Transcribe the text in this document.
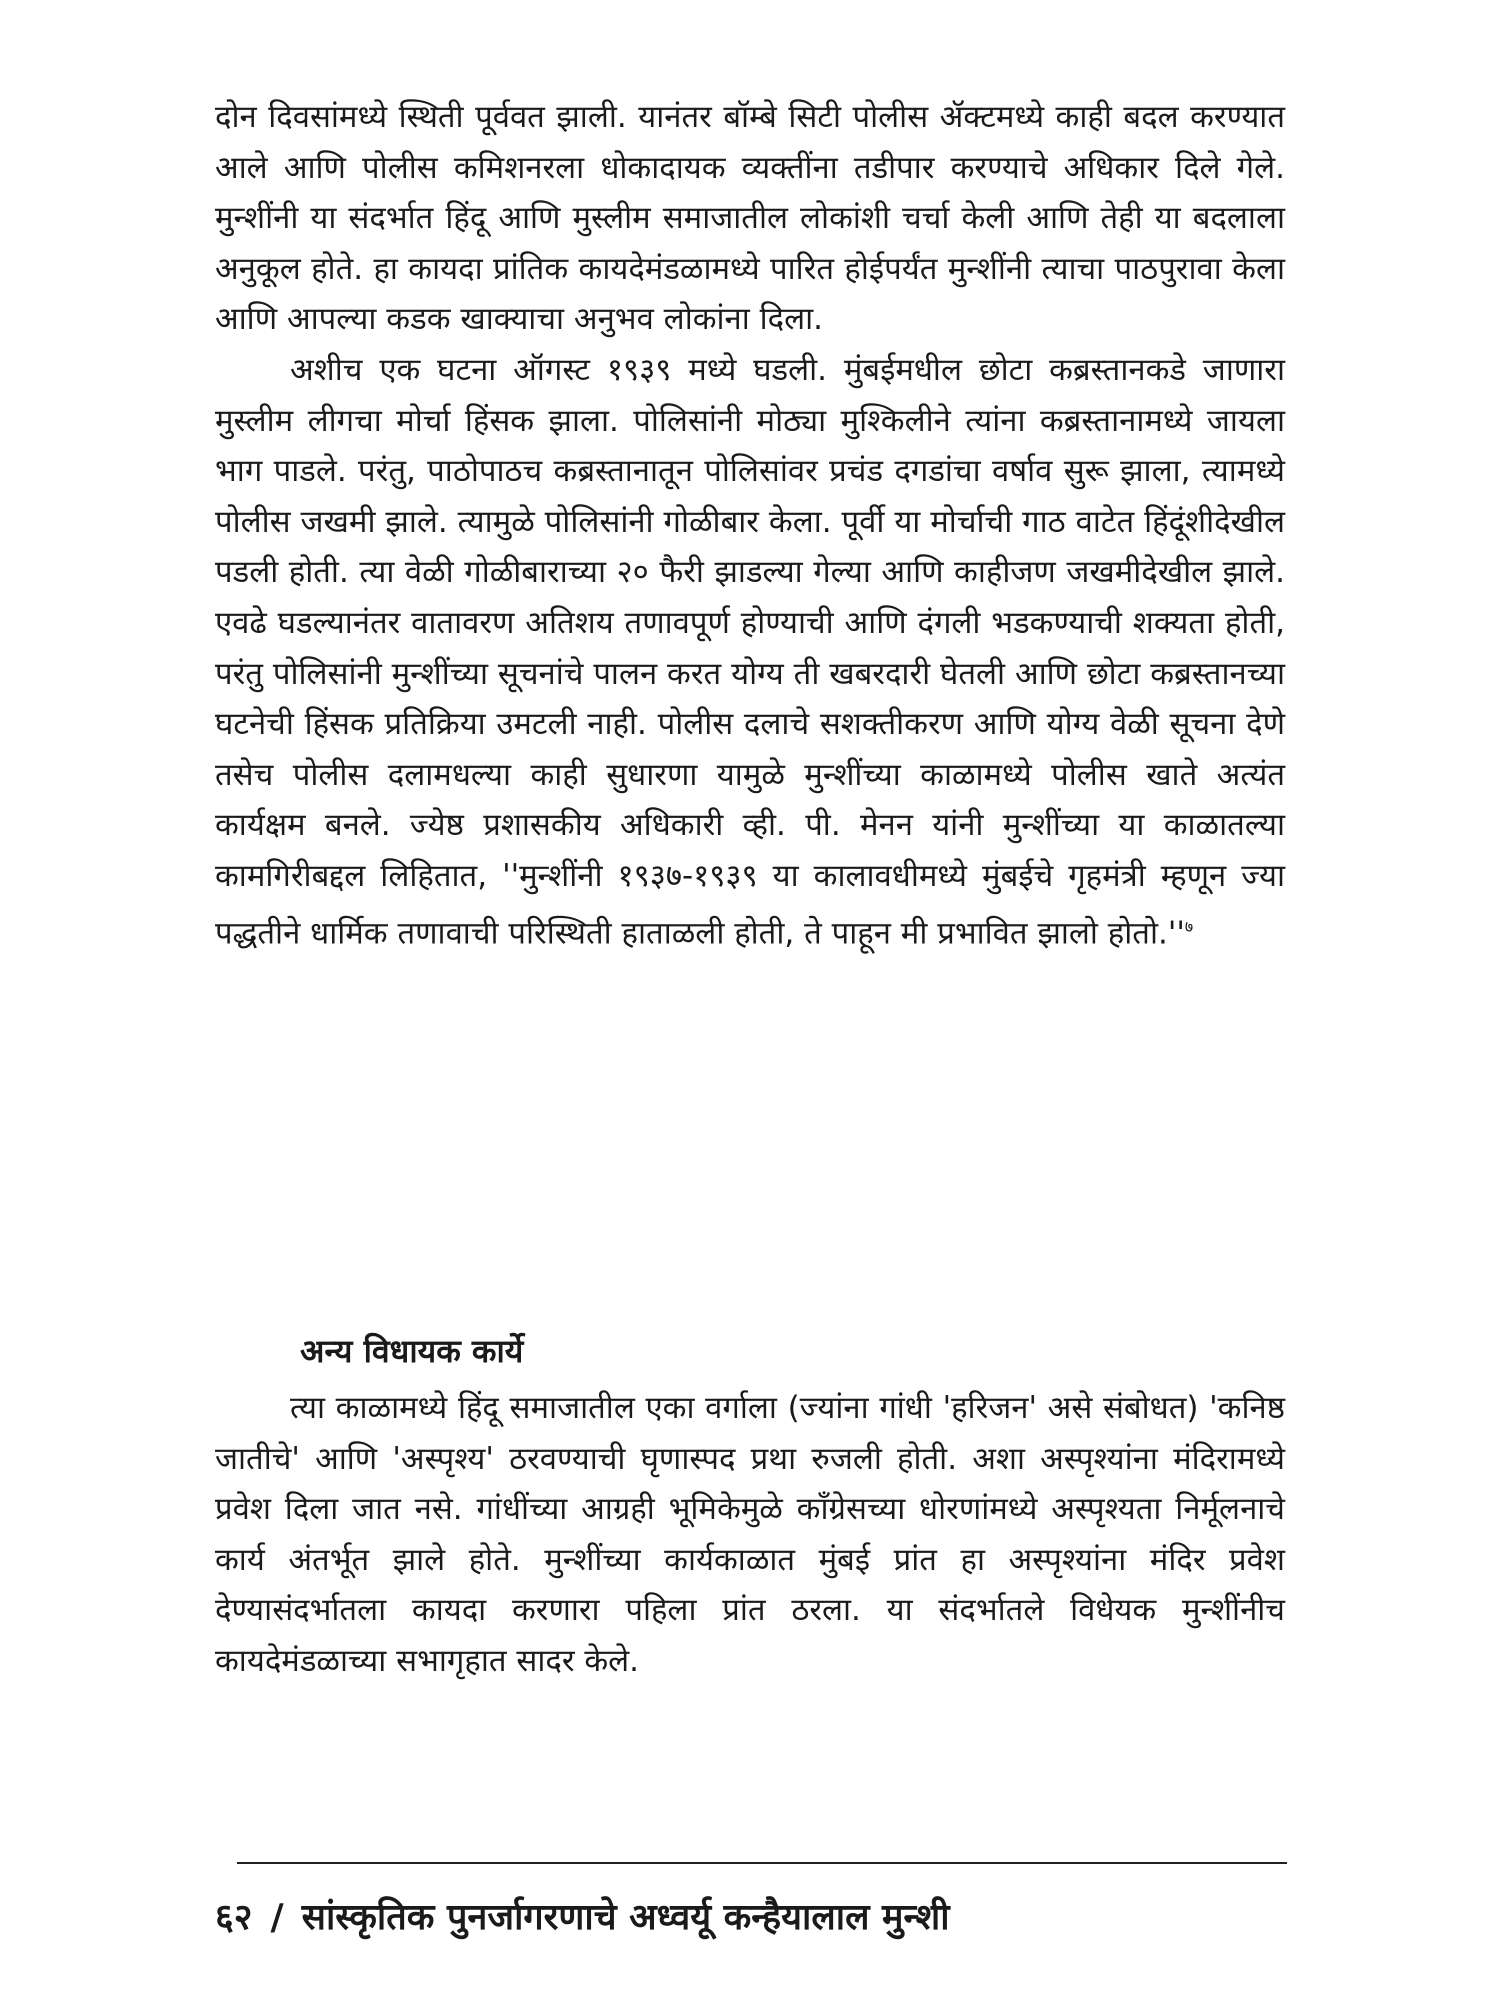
दोन दिवसांमध्ये स्थिती पूर्ववत झाली. यानंतर बॉम्बे सिटी पोलीस ॲक्टमध्ये काही बदल करण्यात आले आणि पोलीस कमिशनरला धोकादायक व्यक्तींना तडीपार करण्याचे अधिकार दिले गेले. मुन्शींनी या संदर्भात हिंदू आणि मुस्लीम समाजातील लोकांशी चर्चा केली आणि तेही या बदलाला अनुकूल होते. हा कायदा प्रांतिक कायदेमंडळामध्ये पारित होईपर्यंत मुन्शींनी त्याचा पाठपुरावा केला आणि आपल्या कडक खाक्याचा अनुभव लोकांना दिला.

अशीच एक घटना ऑगस्ट १९३९ मध्ये घडली. मुंबईमधील छोटा कब्रस्तानकडे जाणारा मुस्लीम लीगचा मोर्चा हिंसक झाला. पोलिसांनी मोठ्या मुश्किलीने त्यांना कब्रस्तानामध्ये जायला भाग पाडले. परंतु, पाठोपाठच कब्रस्तानातून पोलिसांवर प्रचंड दगडांचा वर्षाव सुरू झाला, त्यामध्ये पोलीस जखमी झाले. त्यामुळे पोलिसांनी गोळीबार केला. पूर्वी या मोर्चाची गाठ वाटेत हिंदूंशीदेखील पडली होती. त्या वेळी गोळीबाराच्या २० फैरी झाडल्या गेल्या आणि काहीजण जखमीदेखील झाले. एवढे घडल्यानंतर वातावरण अतिशय तणावपूर्ण होण्याची आणि दंगली भडकण्याची शक्यता होती, परंतु पोलिसांनी मुन्शींच्या सूचनांचे पालन करत योग्य ती खबरदारी घेतली आणि छोटा कब्रस्तानच्या घटनेची हिंसक प्रतिक्रिया उमटली नाही. पोलीस दलाचे सशक्तीकरण आणि योग्य वेळी सूचना देणे तसेच पोलीस दलामधल्या काही सुधारणा यामुळे मुन्शींच्या काळामध्ये पोलीस खाते अत्यंत कार्यक्षम बनले. ज्येष्ठ प्रशासकीय अधिकारी व्ही. पी. मेनन यांनी मुन्शींच्या या काळातल्या कामगिरीबद्दल लिहितात, ''मुन्शींनी १९३७-१९३९ या कालावधीमध्ये मुंबईचे गृहमंत्री म्हणून ज्या पद्धतीने धार्मिक तणावाची परिस्थिती हाताळली होती, ते पाहून मी प्रभावित झालो $होतो.''^७$

अन्य विधायक कार्ये

त्या काळामध्ये हिंदू समाजातील एका वर्गाला (ज्यांना गांधी 'हरिजन' असे संबोधत) 'कनिष्ठ जातीचे' आणि 'अस्पृश्य' ठरवण्याची घृणास्पद प्रथा रुजली होती. अशा अस्पृश्यांना मंदिरामध्ये प्रवेश दिला जात नसे. गांधींच्या आग्रही भूमिकेमुळे काँग्रेसच्या धोरणांमध्ये अस्पृश्यता निर्मूलनाचे कार्य अंतर्भूत झाले होते. मुन्शींच्या कार्यकाळात मुंबई प्रांत हा अस्पृश्यांना मंदिर प्रवेश देण्यासंदर्भातला कायदा करणारा पहिला प्रांत ठरला. या संदर्भातले विधेयक मुन्शींनीच कायदेमंडळाच्या सभागृहात सादर केले.

६२ / सांस्कृतिक पुनर्जागरणाचे अध्वर्यू कन्हैयालाल मुन्शी
